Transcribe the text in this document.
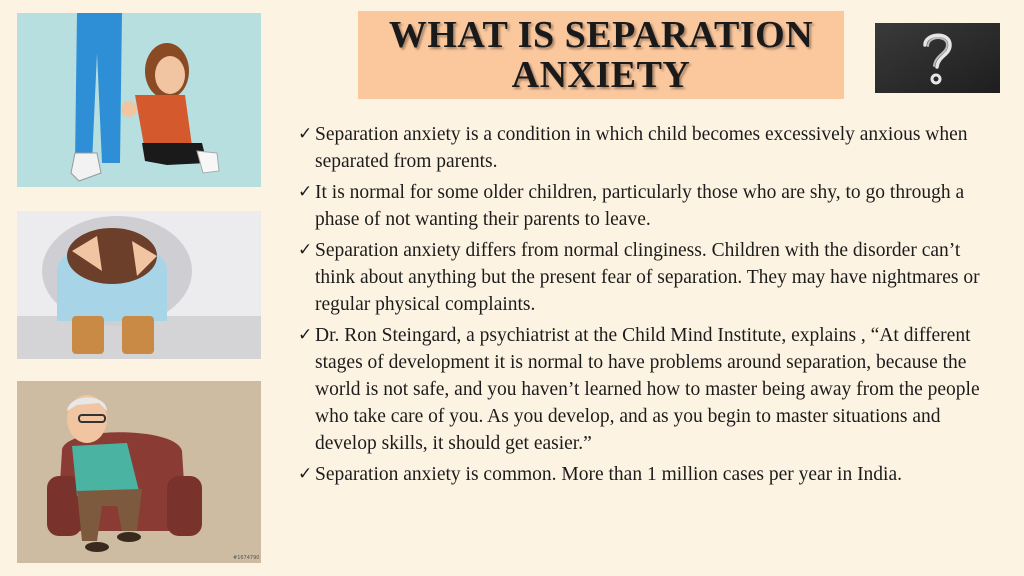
WHAT IS SEPARATION ANXIETY
#1674790
✓ Separation anxiety is a condition in which child becomes excessively anxious when separated from parents.
✓ It is normal for some older children, particularly those who are shy, to go through a phase of not wanting their parents to leave.
✓ Separation anxiety differs from normal clinginess. Children with the disorder can’t think about anything but the present fear of separation. They may have nightmares or regular physical complaints.
✓ Dr. Ron Steingard, a psychiatrist at the Child Mind Institute, explains , “At different stages of development it is normal to have problems around separation, because the world is not safe, and you haven’t learned how to master being away from the people who take care of you. As you develop, and as you begin to master situations and develop skills, it should get easier.”
✓ Separation anxiety is common. More than 1 million cases per year in India.
